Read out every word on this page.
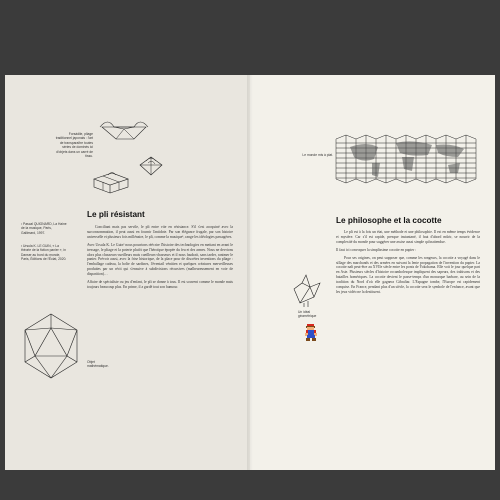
Forsàdile, pliage traditionnel japonais : l'art de transparaître toutes séries de dominés ici d'objets dans un carré de tissu.
Le pli résistant
¹ Pascal QUIGNARD, La Haine de la musique, Paris, Gallimard, 1997.
² Ursula K. LE GUIN, « La théorie de la fiction panier », in Danser au bord du monde, Paris, Éditions de l'Éclat, 2020.

Conciliant mais pas servile, le pli entre vite en résistance. S'il s'est acoquiné avec la surconsommation, il peut aussi en fournir l'antidote. Par son élégance frugale, par son histoire universelle et plusieurs fois millénaire, le pli, comme la musique¹, range les idéologies passagères.

Avec Ursula K. Le Guin² nous pourrions réécrire l'histoire des technologies en mettant en avant le tressage, le pliage et la poterie plutôt que l'héroïque épopée du feu et des armes. Nous ne devrions alors plus chasseurs-cueilleurs mais cueilleurs-chasseurs et il nous faudrait, sans tarder, ranimer le panier. Prévoir aussi, avec la frise historique, de la place pour de discrètes inventions du pliage : l'emballage cadeau, la boîte de sardines, l'éventail vénitien et quelques créatures merveilleuses produites par un récit qui s'ensuive à subdivisions récursives (malheureusement en voie de disparition)…

Affaire de spécialiste ou jeu d'enfant, le pli se donne à tous. Il est souvent comme le monde mais toujours beaucoup plus. En prime, il a gardé tout son humour.

Objet mathématique.
Le monde mis à plat.
Le philosophe et la cocotte

Le pli est à la fois un état, une méthode et une philosophie. Il est en même temps évidence et mystère. Car s'il est rapide, presque instantané, il faut d'abord mûrir, se nourrir de la complexité du monde pour suggérer une assise aussi simple qu'inattendue.

Il faut ici convoquer la simplissime cocotte en papier :

Pour ses origines, on peut supposer que, comme les rongeurs, la cocotte a voyagé dans le sillage des marchands et des armées en suivant la lente propagation de l'invention du papier. La cocotte naît peut-être au XVIIe siècle entre les ponts de Yokohama. Elle voit le jour quelque part en Asie. Plusieurs siècles d'histoire rocambolesque impliquent des sapeurs, des trahisons et des batailles homériques. La cocotte devient le passe-temps d'un monarque barbare, au sein de la tradition du Nord d'où elle gagnera Gibraltar. L'Espagne tombe, l'Europe est rapidement conquise. En France, pendant plus d'un siècle, la cocotte sera le symbole de l'enfance, avant que les jeux vidéo ne la destituent.

Un idéal géométrique
